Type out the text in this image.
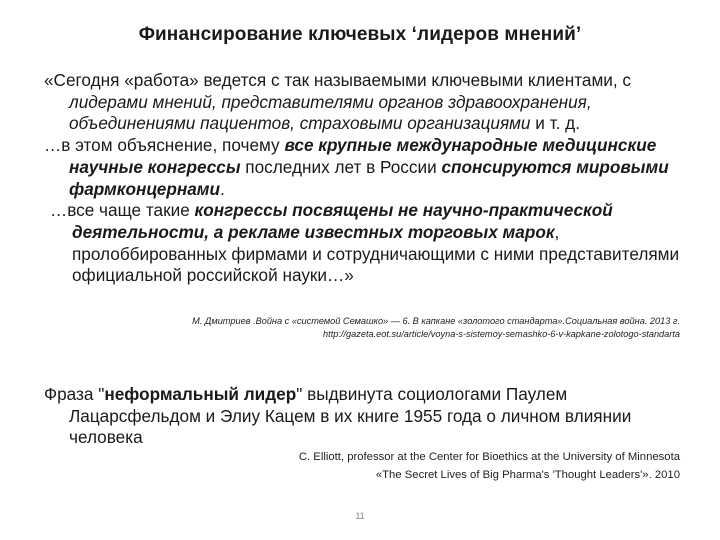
Финансирование ключевых ‘лидеров мнений’

«Сегодня «работа» ведется с так называемыми ключевыми клиентами, с лидерами мнений, представителями органов здравоохранения, объединениями пациентов, страховыми организациями и т. д.

…в этом объяснение, почему все крупные международные медицинские научные конгрессы последних лет в России спонсируются мировыми фармконцернами.

…все чаще такие конгрессы посвящены не научно-практической деятельности, а рекламе известных торговых марок, пролоббированных фирмами и сотрудничающими с ними представителями официальной российской науки…»

М. Дмитриев .Война с «системой Семашко» — 6. В капкане «золотого стандарта».Социальная война. 2013 г.
http://gazeta.eot.su/article/voyna-s-sistemoy-semashko-6-v-kapkane-zolotogo-standarta

Фраза "неформальный лидер" выдвинута социологами Паулем Лацарсфельдом и Элиу Кацем в их книге 1955 года о личном влиянии человека

C. Elliott, professor at the Center for Bioethics at the University of Minnesota
«The Secret Lives of Big Pharma's 'Thought Leaders'». 2010
11
